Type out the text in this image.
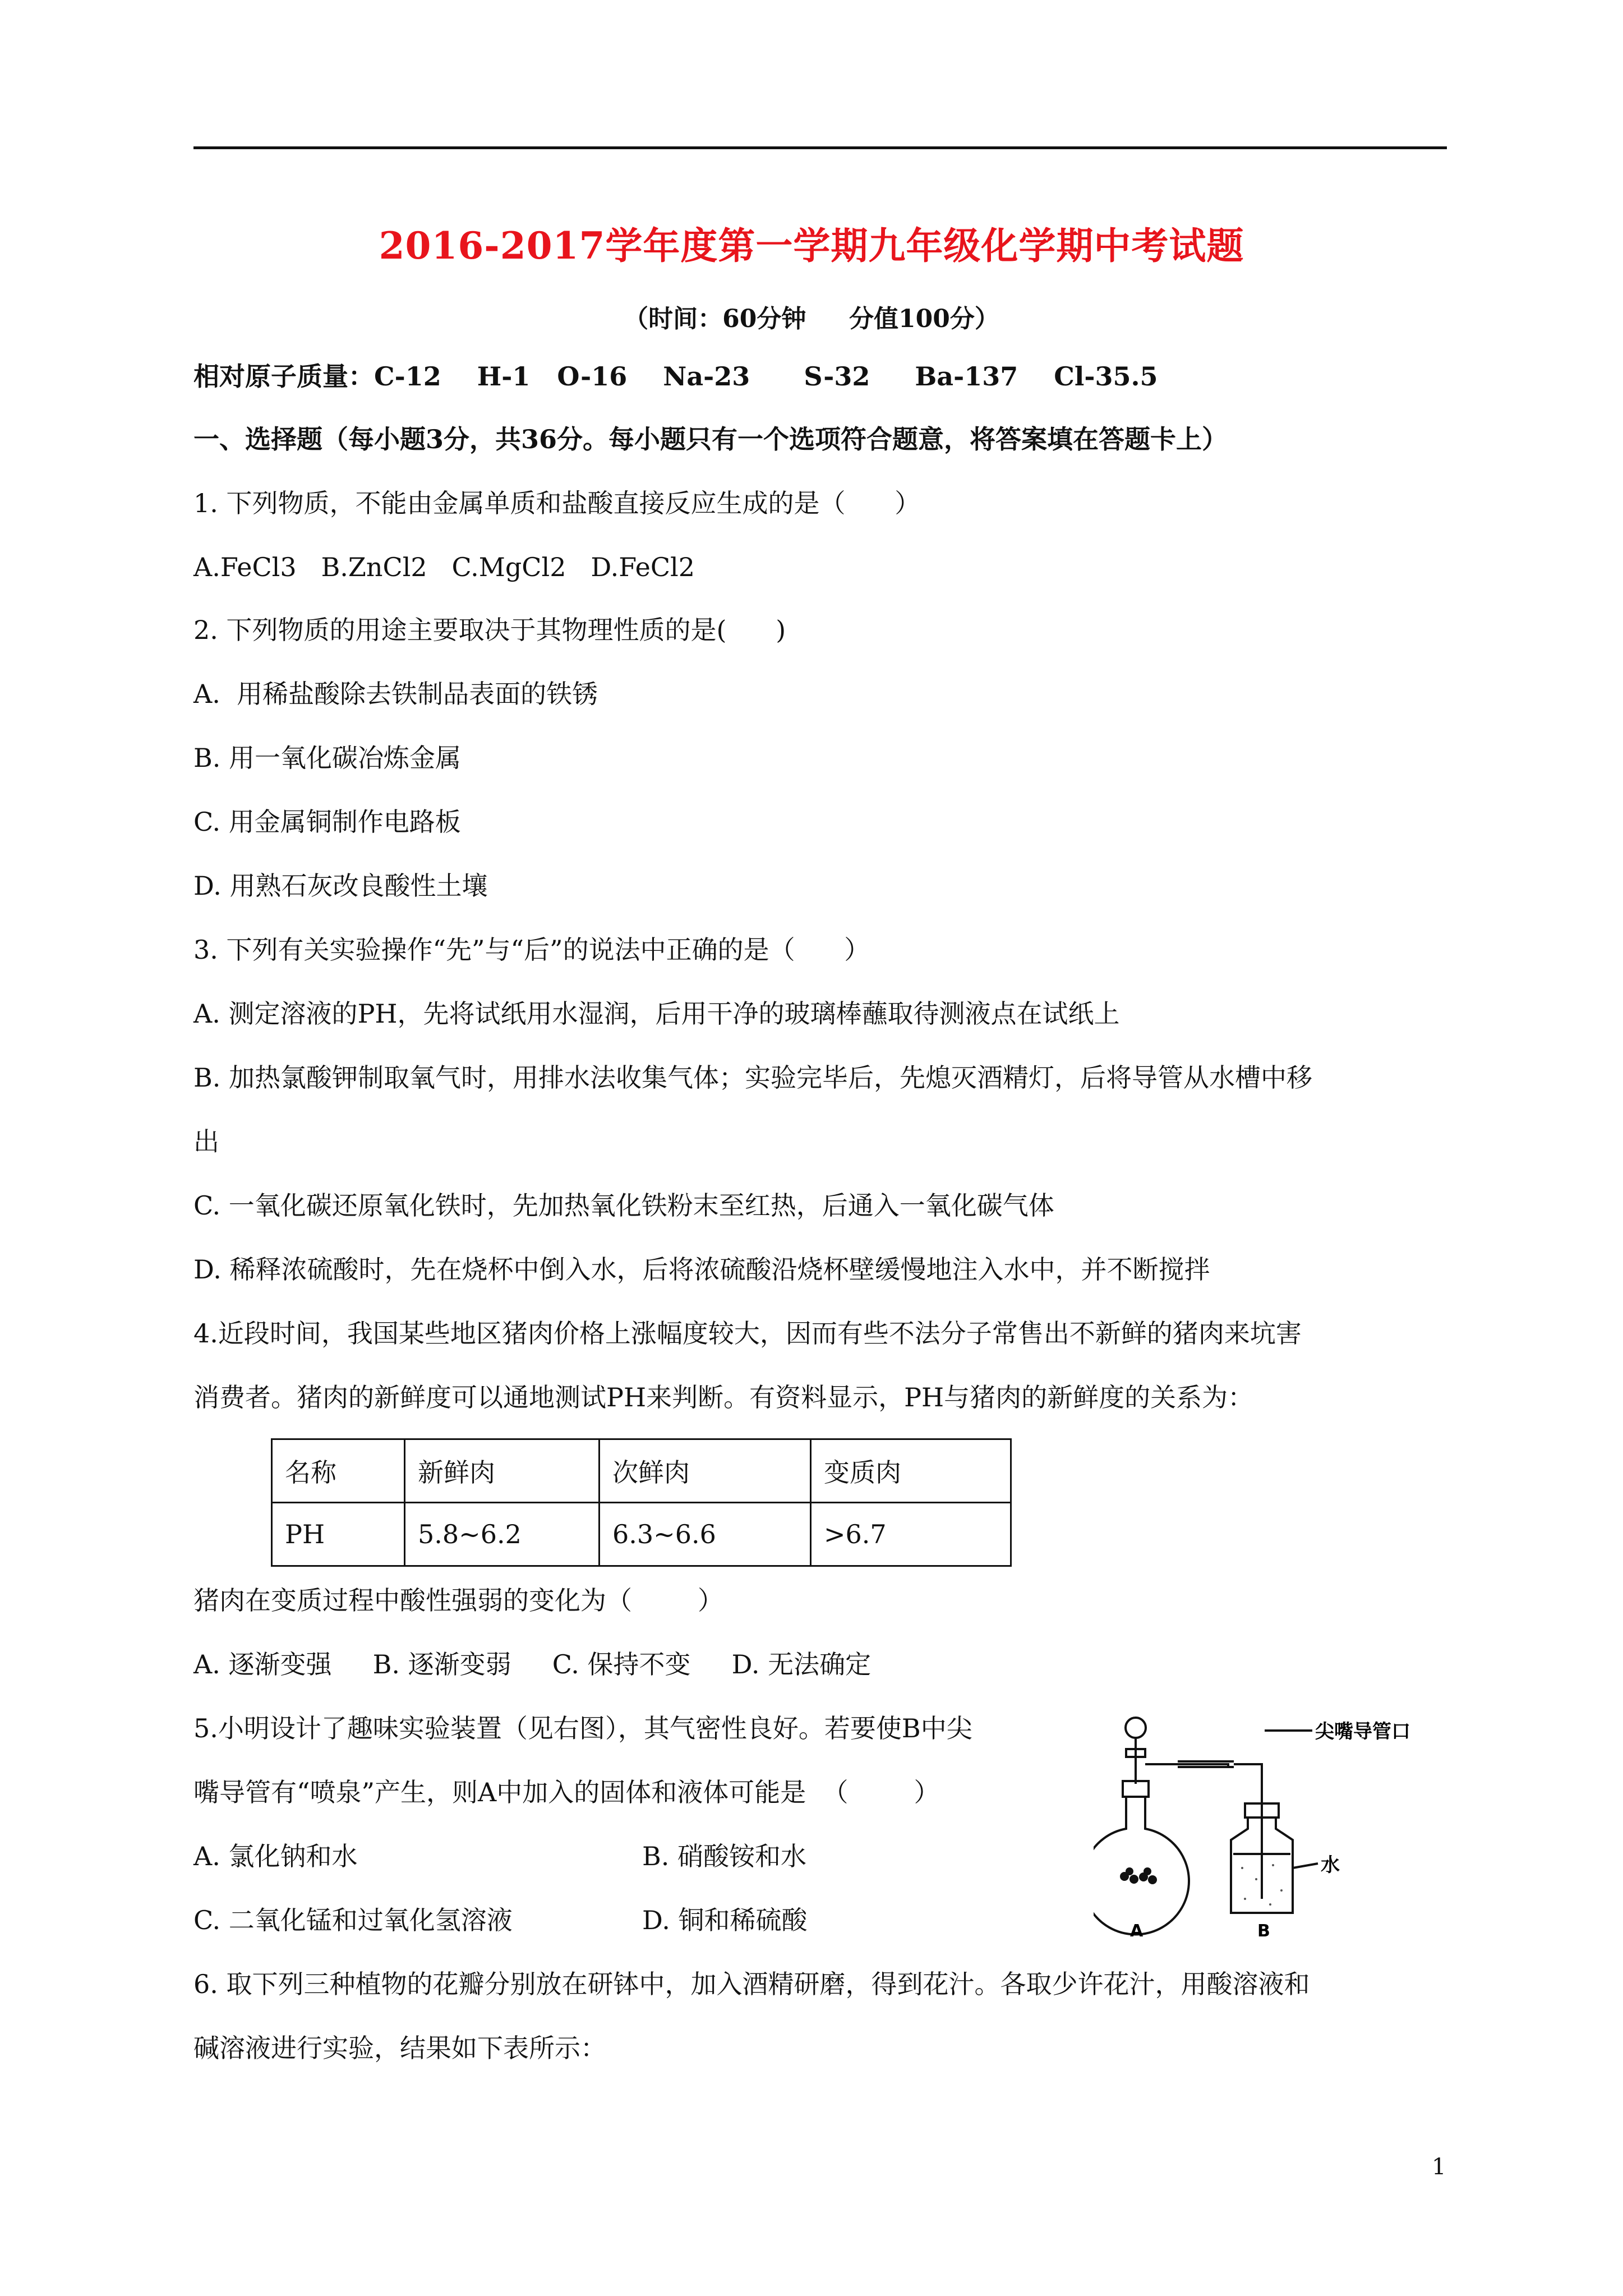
2016-2017学年度第一学期九年级化学期中考试题
（时间：60分钟     分值100分）
相对原子质量：C-12    H-1   O-16    Na-23      S-32     Ba-137    Cl-35.5
一、选择题（每小题3分，共36分。每小题只有一个选项符合题意，将答案填在答题卡上）
1. 下列物质，不能由金属单质和盐酸直接反应生成的是（      ）
A.FeCl3   B.ZnCl2   C.MgCl2   D.FeCl2
2. 下列物质的用途主要取决于其物理性质的是(      )
A.  用稀盐酸除去铁制品表面的铁锈
B. 用一氧化碳冶炼金属
C. 用金属铜制作电路板
D. 用熟石灰改良酸性土壤
3. 下列有关实验操作“先”与“后”的说法中正确的是（      ）
A. 测定溶液的PH，先将试纸用水湿润，后用干净的玻璃棒蘸取待测液点在试纸上
B. 加热氯酸钾制取氧气时，用排水法收集气体；实验完毕后，先熄灭酒精灯，后将导管从水槽中移
出
C. 一氧化碳还原氧化铁时，先加热氧化铁粉末至红热，后通入一氧化碳气体
D. 稀释浓硫酸时，先在烧杯中倒入水，后将浓硫酸沿烧杯壁缓慢地注入水中，并不断搅拌
4.近段时间，我国某些地区猪肉价格上涨幅度较大，因而有些不法分子常售出不新鲜的猪肉来坑害
消费者。猪肉的新鲜度可以通地测试PH来判断。有资料显示，PH与猪肉的新鲜度的关系为：
名称	新鲜肉	次鲜肉	变质肉
PH	5.8~6.2	6.3~6.6	>6.7
猪肉在变质过程中酸性强弱的变化为（        ）
A. 逐渐变强     B. 逐渐变弱     C. 保持不变     D. 无法确定
5.小明设计了趣味实验装置（见右图），其气密性良好。若要使B中尖
嘴导管有“喷泉”产生，则A中加入的固体和液体可能是  （        ）
A. 氯化钠和水	B. 硝酸铵和水
C. 二氧化锰和过氧化氢溶液	D. 铜和稀硫酸
尖嘴导管口
水
A	B
6. 取下列三种植物的花瓣分别放在研钵中，加入酒精研磨，得到花汁。各取少许花汁，用酸溶液和
碱溶液进行实验，结果如下表所示：
1
